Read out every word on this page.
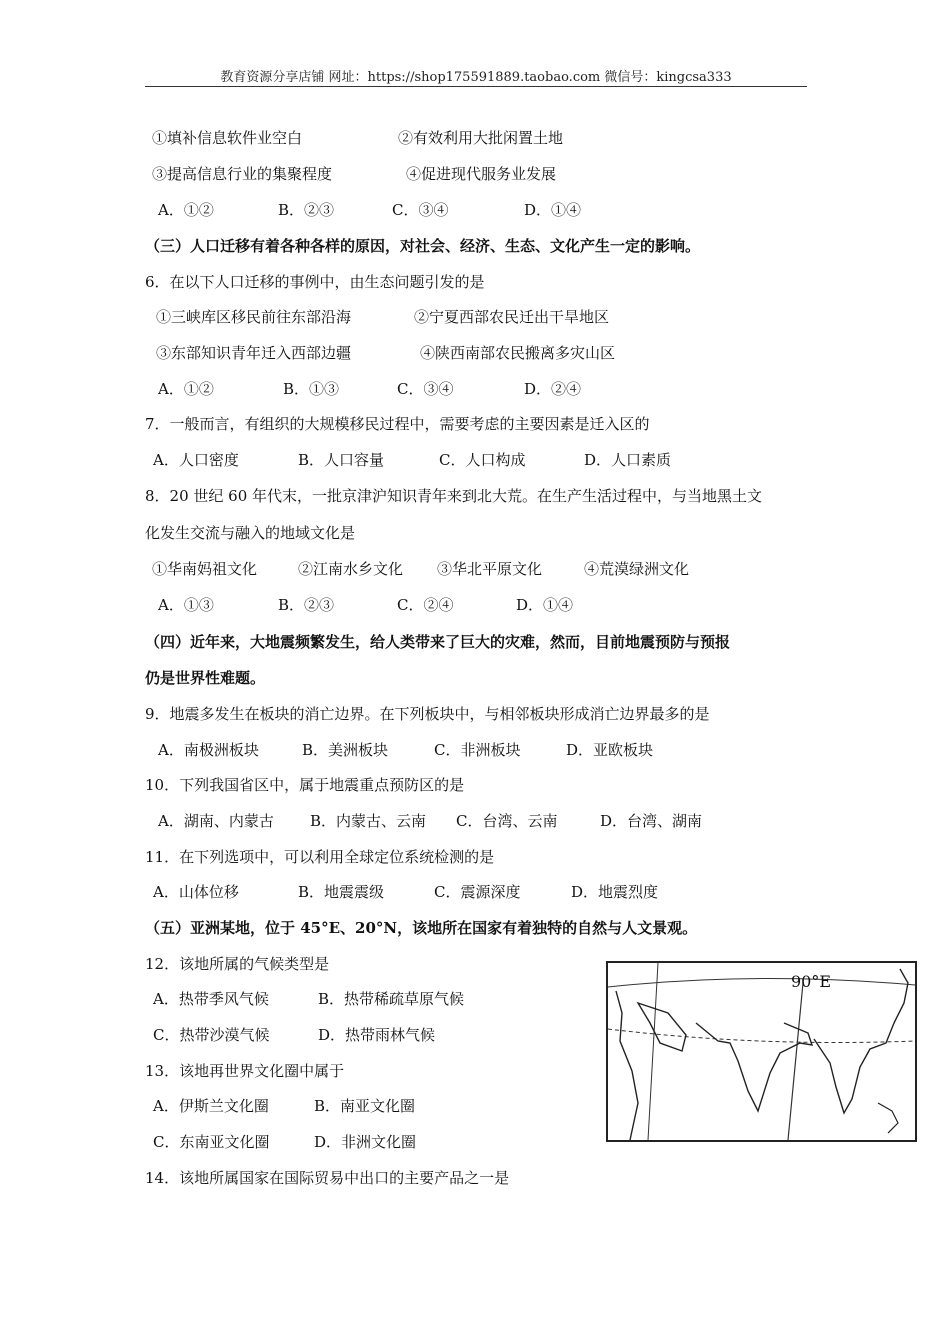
教育资源分享店铺 网址：https://shop175591889.taobao.com 微信号：kingcsa333
①填补信息软件业空白	②有效利用大批闲置土地
③提高信息行业的集聚程度	④促进现代服务业发展
A．①②	B．②③	C．③④	D．①④
（三）人口迁移有着各种各样的原因，对社会、经济、生态、文化产生一定的影响。
6．在以下人口迁移的事例中，由生态问题引发的是
①三峡库区移民前往东部沿海	②宁夏西部农民迁出干旱地区
③东部知识青年迁入西部边疆	④陕西南部农民搬离多灾山区
A．①②	B．①③	C．③④	D．②④
7．一般而言，有组织的大规模移民过程中，需要考虑的主要因素是迁入区的
A．人口密度	B．人口容量	C．人口构成	D．人口素质
8．20 世纪 60 年代末，一批京津沪知识青年来到北大荒。在生产生活过程中，与当地黑土文
化发生交流与融入的地域文化是
①华南妈祖文化	②江南水乡文化 ③华北平原文化	④荒漠绿洲文化
A．①③	B．②③	C．②④	D．①④
（四）近年来，大地震频繁发生，给人类带来了巨大的灾难，然而，目前地震预防与预报
仍是世界性难题。
9．地震多发生在板块的消亡边界。在下列板块中，与相邻板块形成消亡边界最多的是
A．南极洲板块	B．美洲板块	C．非洲板块	D．亚欧板块
10．下列我国省区中，属于地震重点预防区的是
A．湖南、内蒙古 B．内蒙古、云南 C．台湾、云南	D．台湾、湖南
11．在下列选项中，可以利用全球定位系统检测的是
A．山体位移	B．地震震级	C．震源深度	D．地震烈度
（五）亚洲某地，位于 45°E、20°N，该地所在国家有着独特的自然与人文景观。
12．该地所属的气候类型是
A．热带季风气候	B．热带稀疏草原气候
C．热带沙漠气候	D．热带雨林气候
13．该地再世界文化圈中属于
A．伊斯兰文化圈	B．南亚文化圈
C．东南亚文化圈	D．非洲文化圈
14．该地所属国家在国际贸易中出口的主要产品之一是
90°E
